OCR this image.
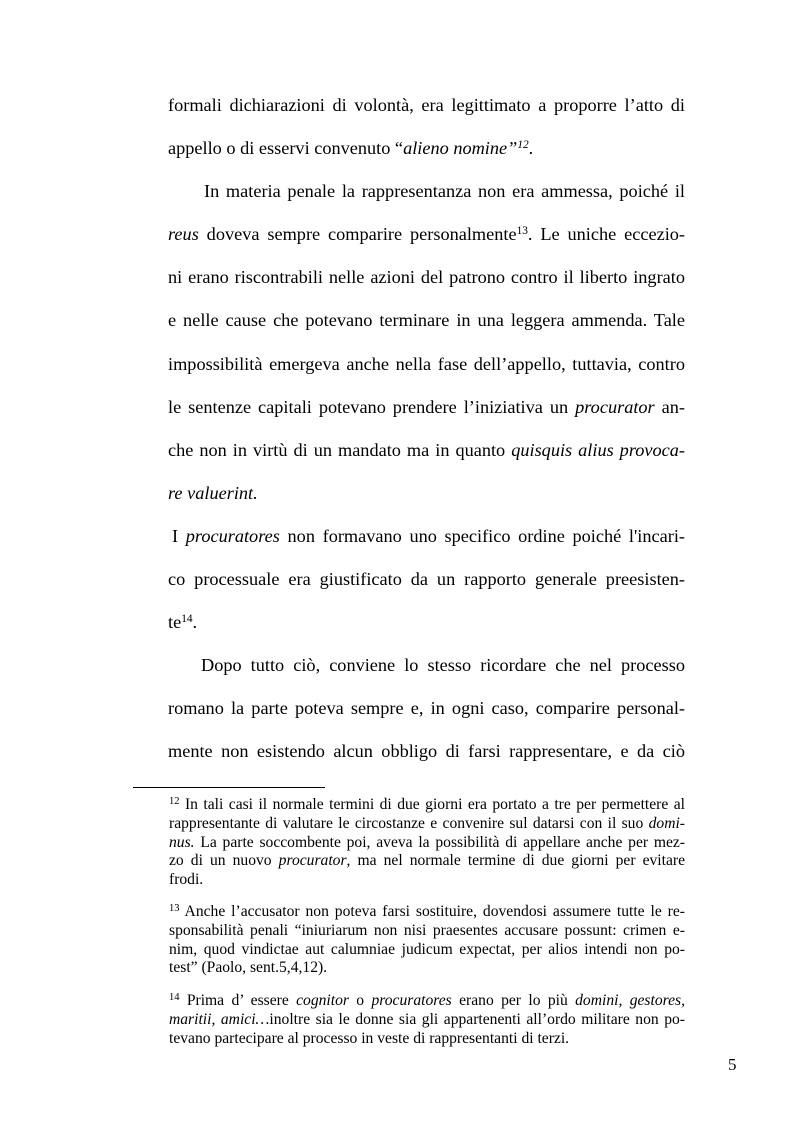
formali dichiarazioni di volontà, era legittimato a proporre l’atto di
appello o di esservi convenuto “alieno nomine”$^{12}$.
In materia penale la rappresentanza non era ammessa, poiché il
reus doveva sempre comparire personalmente$^{13}$. Le uniche eccezio-
ni erano riscontrabili nelle azioni del patrono contro il liberto ingrato
e nelle cause che potevano terminare in una leggera ammenda. Tale
impossibilità emergeva anche nella fase dell’appello, tuttavia, contro
le sentenze capitali potevano prendere l’iniziativa un procurator an-
che non in virtù di un mandato ma in quanto quisquis alius provoca-
re valuerint.
I procuratores non formavano uno specifico ordine poiché l'incari-
co processuale era giustificato da un rapporto generale preesisten-
$te^{14}$.
Dopo tutto ciò, conviene lo stesso ricordare che nel processo
romano la parte poteva sempre e, in ogni caso, comparire personal-
mente non esistendo alcun obbligo di farsi rappresentare, e da ciò
$^{12}$ In tali casi il normale termini di due giorni era portato a tre per permettere al
rappresentante di valutare le circostanze e convenire sul datarsi con il suo domi-
nus. La parte soccombente poi, aveva la possibilità di appellare anche per mez-
zo di un nuovo procurator, ma nel normale termine di due giorni per evitare
frodi.
$^{13}$ Anche l’accusator non poteva farsi sostituire, dovendosi assumere tutte le re-
sponsabilità penali “iniuriarum non nisi praesentes accusare possunt: crimen e-
nim, quod vindictae aut calumniae judicum expectat, per alios intendi non po-
test” (Paolo, sent.5,4,12).
$^{14}$ Prima d’ essere cognitor o procuratores erano per lo più domini, gestores,
maritii, amici…inoltre sia le donne sia gli appartenenti all’ordo militare non po-
tevano partecipare al processo in veste di rappresentanti di terzi.
5
